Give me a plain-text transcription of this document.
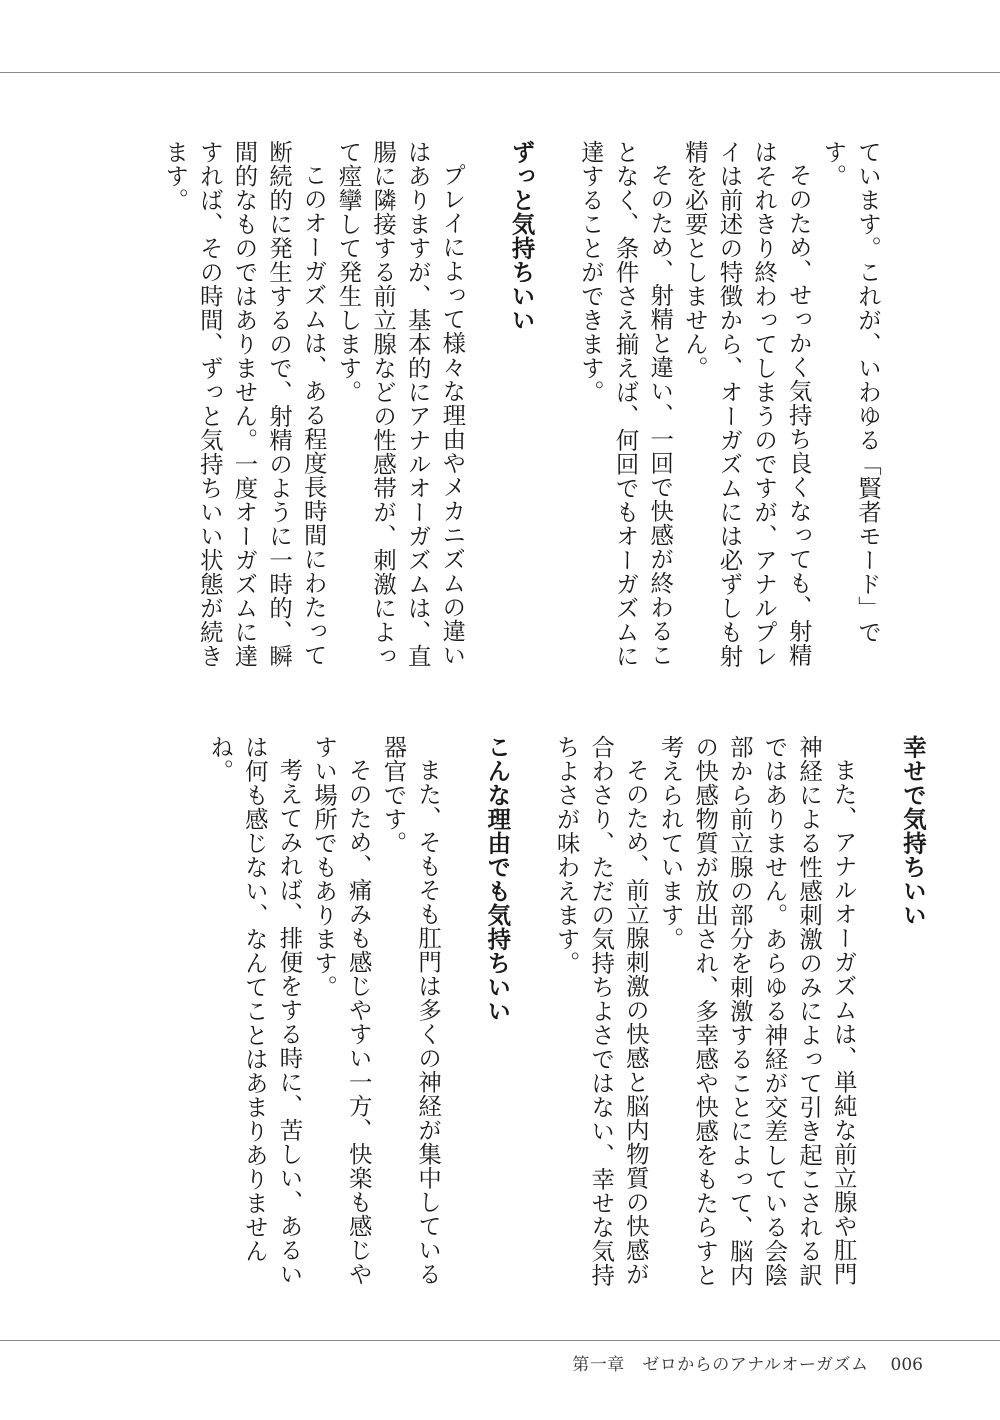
ています。これが、いわゆる「賢者モード」です。

そのため、せっかく気持ち良くなっても、射精はそれきり終わってしまうのですが、アナルプレイは前述の特徴から、オーガズムには必ずしも射精を必要としません。

そのため、射精と違い、一回で快感が終わることなく、条件さえ揃えば、何回でもオーガズムに達することができます。

ずっと気持ちいい

プレイによって様々な理由やメカニズムの違いはありますが、基本的にアナルオーガズムは、直腸に隣接する前立腺などの性感帯が、刺激によって痙攣して発生します。

このオーガズムは、ある程度長時間にわたって断続的に発生するので、射精のように一時的、瞬間的なものではありません。一度オーガズムに達すれば、その時間、ずっと気持ちいい状態が続きます。

幸せで気持ちいい

また、アナルオーガズムは、単純な前立腺や肛門神経による性感刺激のみによって引き起こされる訳ではありません。あらゆる神経が交差している会陰部から前立腺の部分を刺激することによって、脳内の快感物質が放出され、多幸感や快感をもたらすと考えられています。

そのため、前立腺刺激の快感と脳内物質の快感が合わさり、ただの気持ちよさではない、幸せな気持ちよさが味わえます。

こんな理由でも気持ちいい

また、そもそも肛門は多くの神経が集中している器官です。

そのため、痛みも感じやすい一方、快楽も感じやすい場所でもあります。

考えてみれば、排便をする時に、苦しい、あるいは何も感じない、なんてことはあまりありませんね。

第一章　ゼロからのアナルオーガズム 006
